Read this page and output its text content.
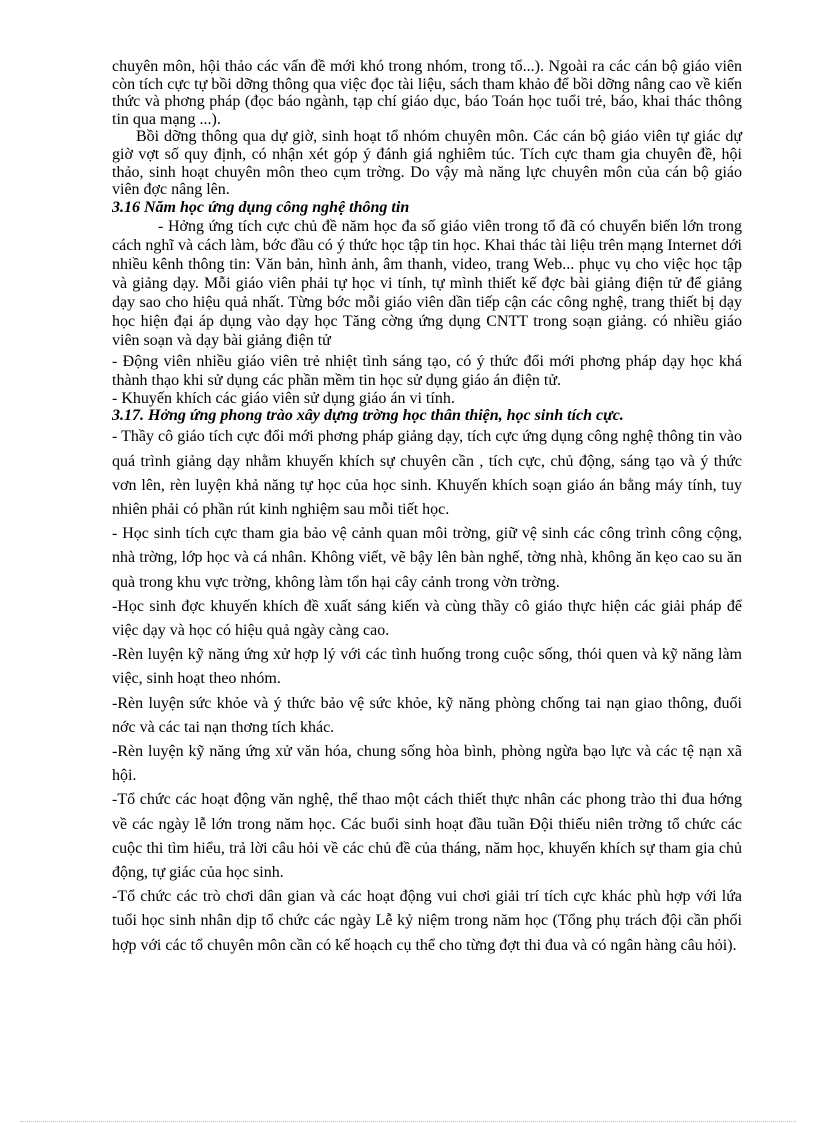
chuyên môn, hội thảo các vấn đề mới khó trong nhóm, trong tổ...). Ngoài ra các cán bộ giáo viên còn tích cực tự bồi dỡng thông qua việc đọc tài liệu, sách tham khảo để bồi dỡng nâng cao về kiến thức và phơng pháp (đọc báo ngành, tạp chí giáo dục, báo Toán học tuổi trẻ, báo, khai thác thông tin qua mạng ...).

Bồi dỡng thông qua dự giờ, sinh hoạt tổ nhóm chuyên môn. Các cán bộ giáo viên tự giác dự giờ vợt số quy định, có nhận xét góp ý đánh giá nghiêm túc. Tích cực tham gia chuyên đề, hội thảo, sinh hoạt chuyên môn theo cụm trờng. Do vậy mà năng lực chuyên môn của cán bộ giáo viên đợc nâng lên.

3.16 Năm học ứng dụng công nghệ thông tin

- Hởng ứng tích cực chủ đề năm học đa số giáo viên trong tổ đã có chuyển biến lớn trong cách nghĩ và cách làm, bớc đầu có ý thức học tập tin học. Khai thác tài liệu trên mạng Internet dới nhiều kênh thông tin: Văn bản, hình ảnh, âm thanh, video, trang Web... phục vụ cho việc học tập và giảng dạy. Mỗi giáo viên phải tự học vi tính, tự mình thiết kế đợc bài giảng điện tử để giảng dạy sao cho hiệu quả nhất. Từng bớc mỗi giáo viên dần tiếp cận các công nghệ, trang thiết bị dạy học hiện đại áp dụng vào dạy học Tăng cờng ứng dụng CNTT trong soạn giảng. có nhiều giáo viên soạn và dạy bài giảng điện tử

- Động viên nhiều giáo viên trẻ nhiệt tình sáng tạo, có ý thức đổi mới phơng pháp dạy học khá thành thạo khi sử dụng các phần mềm tin học sử dụng giáo án điện tử.

- Khuyến khích các giáo viên sử dụng giáo án vi tính.

3.17. Hởng ứng phong trào xây dựng trờng học thân thiện, học sinh tích cực.

- Thầy cô giáo tích cực đổi mới phơng pháp giảng dạy, tích cực ứng dụng công nghệ thông tin vào quá trình giảng dạy nhằm khuyến khích sự chuyên cần , tích cực, chủ động, sáng tạo và ý thức vơn lên, rèn luyện khả năng tự học của học sinh. Khuyến khích soạn giáo án bằng máy tính, tuy nhiên phải có phần rút kinh nghiệm sau mỗi tiết học.

- Học sinh tích cực tham gia bảo vệ cảnh quan môi trờng, giữ vệ sinh các công trình công cộng, nhà trờng, lớp học và cá nhân. Không viết, vẽ bậy lên bàn nghế, tờng nhà, không ăn kẹo cao su ăn quà trong khu vực trờng, không làm tổn hại cây cảnh trong vờn trờng.

-Học sinh đợc khuyến khích đề xuất sáng kiến và cùng thầy cô giáo thực hiện các giải pháp để việc dạy và học có hiệu quả ngày càng cao.

-Rèn luyện kỹ năng ứng xử hợp lý với các tình huống trong cuộc sống, thói quen và kỹ năng làm việc, sinh hoạt theo nhóm.

-Rèn luyện sức khỏe và ý thức bảo vệ sức khỏe, kỹ năng phòng chống tai nạn giao thông, đuối nớc và các tai nạn thơng tích khác.

-Rèn luyện kỹ năng ứng xử văn hóa, chung sống hòa bình, phòng ngừa bạo lực và các tệ nạn xã hội.

-Tổ chức các hoạt động văn nghệ, thể thao một cách thiết thực nhân các phong trào thi đua hớng về các ngày lễ lớn trong năm học. Các buổi sinh hoạt đầu tuần Đội thiếu niên trờng tổ chức các cuộc thi tìm hiểu, trả lời câu hỏi về các chủ đề của tháng, năm học, khuyến khích sự tham gia chủ động, tự giác của học sinh.

-Tổ chức các trò chơi dân gian và các hoạt động vui chơi giải trí tích cực khác phù hợp với lứa tuổi học sinh nhân dịp tổ chức các ngày Lễ kỷ niệm trong năm học (Tổng phụ trách đội cần phối hợp với các tổ chuyên môn cần có kế hoạch cụ thể cho từng đợt thi đua và có ngân hàng câu hỏi).
